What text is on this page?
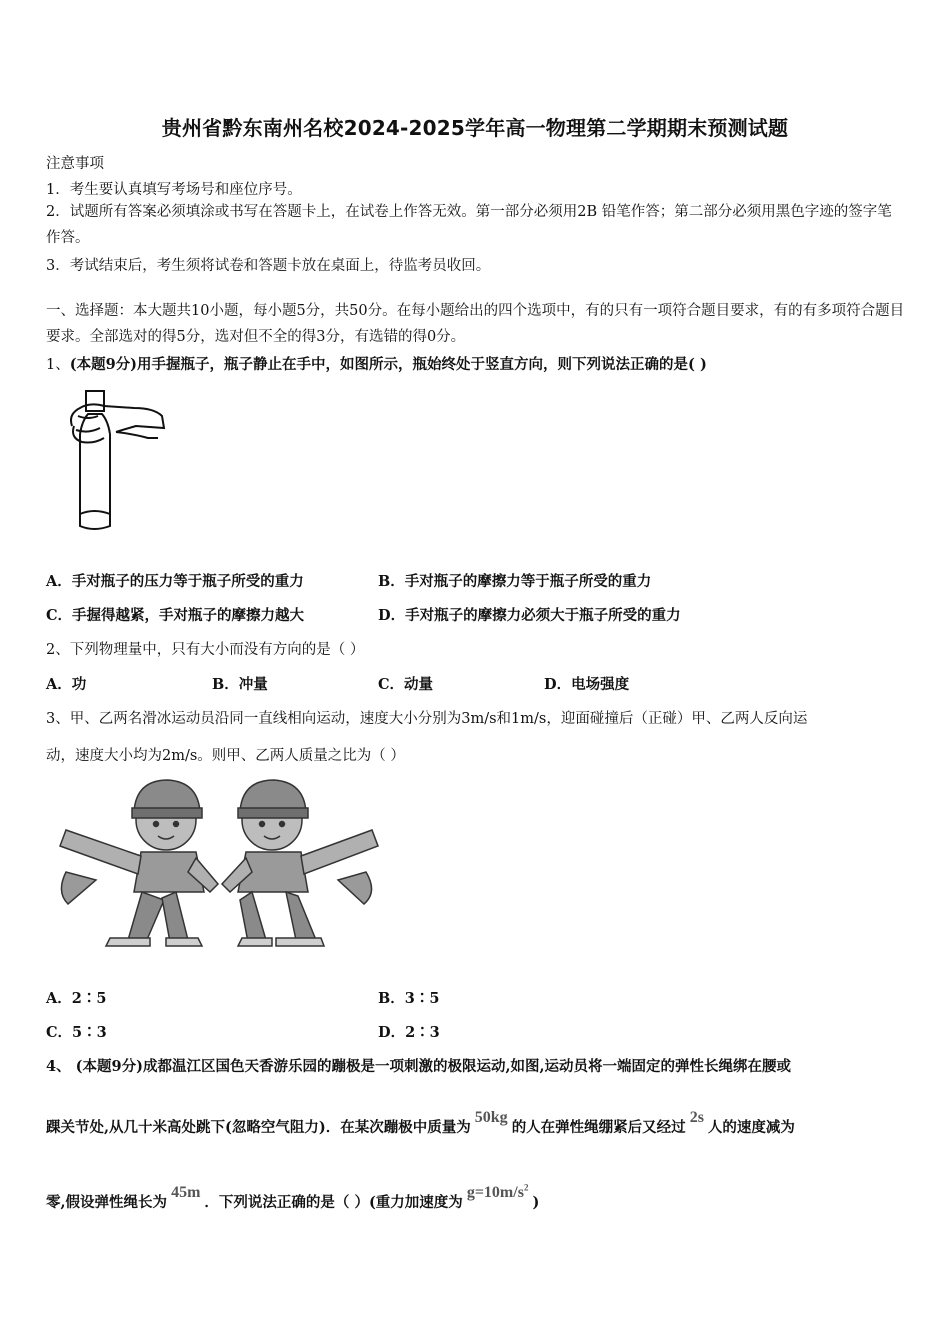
贵州省黔东南州名校2024-2025学年高一物理第二学期期末预测试题
注意事项
1．考生要认真填写考场号和座位序号。
2．试题所有答案必须填涂或书写在答题卡上，在试卷上作答无效。第一部分必须用2B 铅笔作答；第二部分必须用黑色字迹的签字笔作答。
3．考试结束后，考生须将试卷和答题卡放在桌面上，待监考员收回。
一、选择题：本大题共10小题，每小题5分，共50分。在每小题给出的四个选项中，有的只有一项符合题目要求，有的有多项符合题目要求。全部选对的得5分，选对但不全的得3分，有选错的得0分。
1、(本题9分)用手握瓶子，瓶子静止在手中，如图所示，瓶始终处于竖直方向，则下列说法正确的是( )
A．手对瓶子的压力等于瓶子所受的重力	B．手对瓶子的摩擦力等于瓶子所受的重力
C．手握得越紧，手对瓶子的摩擦力越大	D．手对瓶子的摩擦力必须大于瓶子所受的重力
2、下列物理量中，只有大小而没有方向的是（ ）
A．功	B．冲量	C．动量	D．电场强度
3、甲、乙两名滑冰运动员沿同一直线相向运动，速度大小分别为3m/s和1m/s，迎面碰撞后（正碰）甲、乙两人反向运
动，速度大小均为2m/s。则甲、乙两人质量之比为（ ）
A．2∶5	B．3∶5
C．5∶3	D．2∶3
4、 (本题9分)成都温江区国色天香游乐园的蹦极是一项刺激的极限运动,如图,运动员将一端固定的弹性长绳绑在腰或
踝关节处,从几十米高处跳下(忽略空气阻力)．在某次蹦极中质量为50kg的人在弹性绳绷紧后又经过2s人的速度减为
零,假设弹性绳长为45m．下列说法正确的是（ ）(重力加速度为$g=10m/s^2$)
